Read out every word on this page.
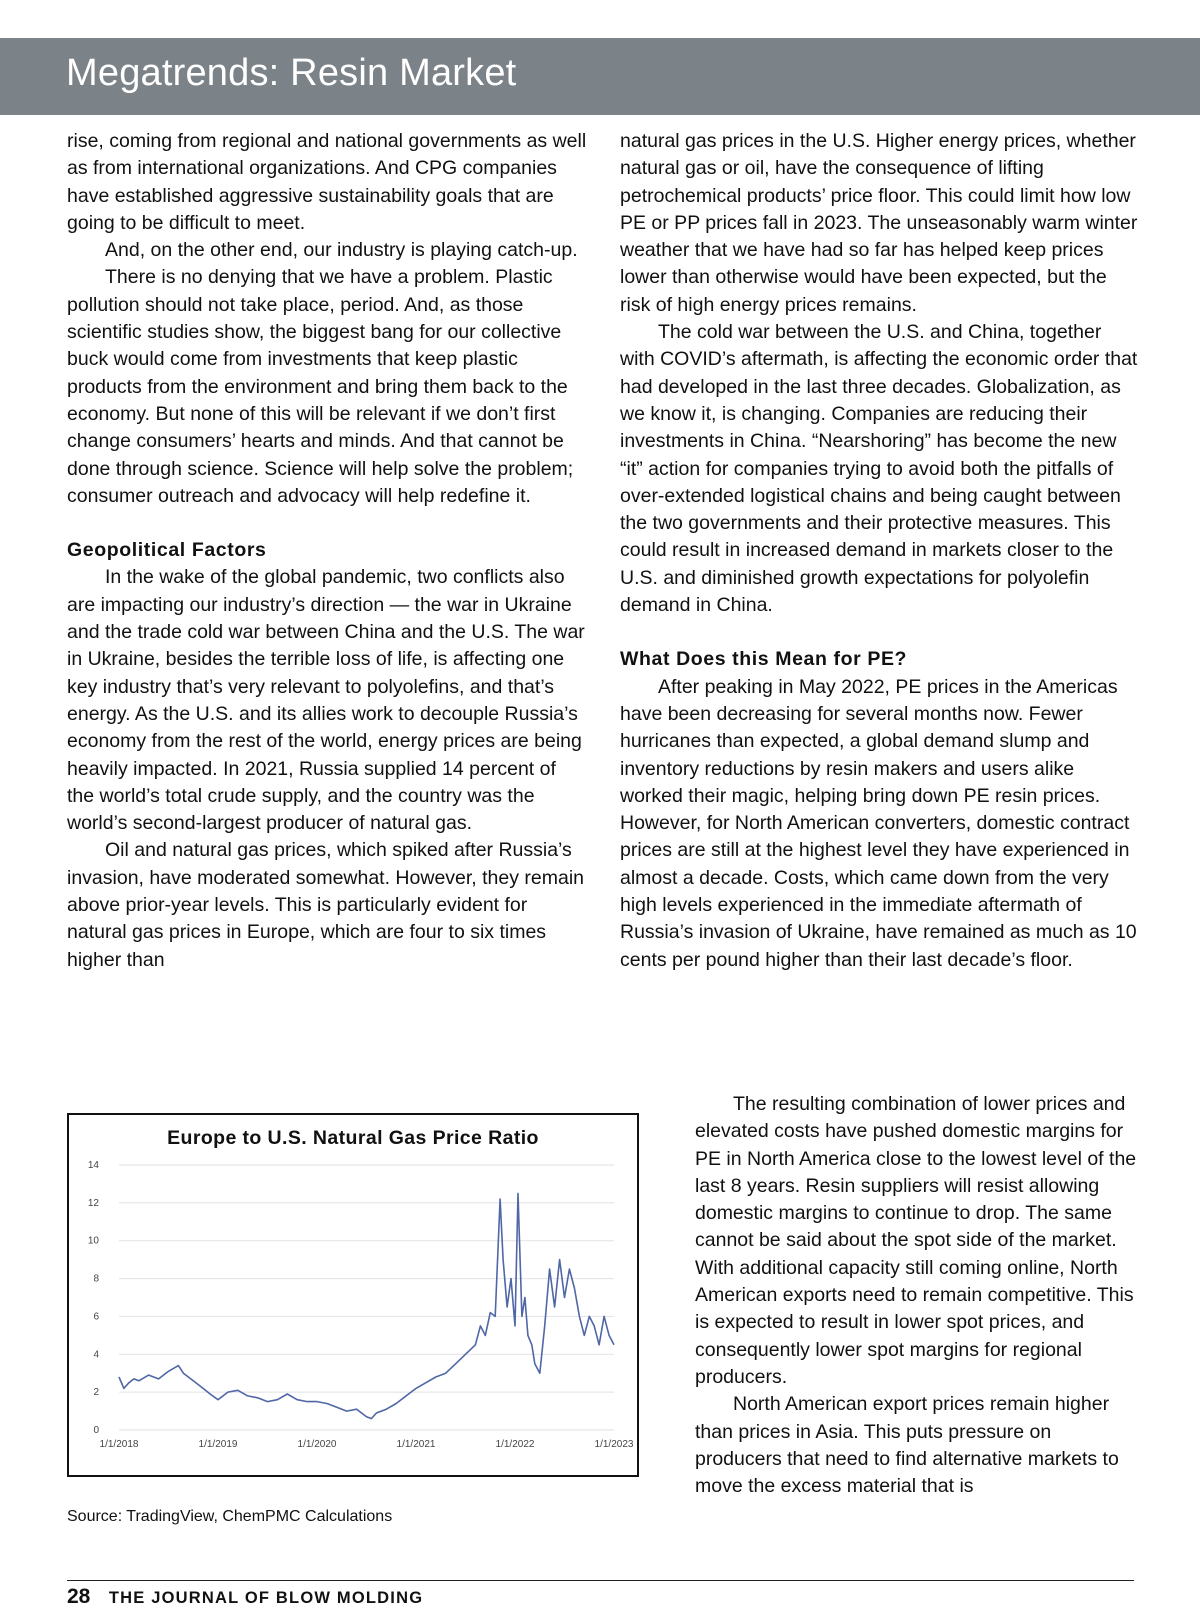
Megatrends: Resin Market

rise, coming from regional and national governments as well as from international organizations. And CPG companies have established aggressive sustainability goals that are going to be difficult to meet.

And, on the other end, our industry is playing catch-up.

There is no denying that we have a problem. Plastic pollution should not take place, period. And, as those scientific studies show, the biggest bang for our collective buck would come from investments that keep plastic products from the environment and bring them back to the economy. But none of this will be relevant if we don’t first change consumers’ hearts and minds. And that cannot be done through science. Science will help solve the problem; consumer outreach and advocacy will help redefine it.

Geopolitical Factors

In the wake of the global pandemic, two conflicts also are impacting our industry’s direction — the war in Ukraine and the trade cold war between China and the U.S. The war in Ukraine, besides the terrible loss of life, is affecting one key industry that’s very relevant to polyolefins, and that’s energy. As the U.S. and its allies work to decouple Russia’s economy from the rest of the world, energy prices are being heavily impacted. In 2021, Russia supplied 14 percent of the world’s total crude supply, and the country was the world’s second-largest producer of natural gas.

Oil and natural gas prices, which spiked after Russia’s invasion, have moderated somewhat. However, they remain above prior-year levels. This is particularly evident for natural gas prices in Europe, which are four to six times higher than

natural gas prices in the U.S. Higher energy prices, whether natural gas or oil, have the consequence of lifting petrochemical products’ price floor. This could limit how low PE or PP prices fall in 2023. The unseasonably warm winter weather that we have had so far has helped keep prices lower than otherwise would have been expected, but the risk of high energy prices remains.

The cold war between the U.S. and China, together with COVID’s aftermath, is affecting the economic order that had developed in the last three decades. Globalization, as we know it, is changing. Companies are reducing their investments in China. “Nearshoring” has become the new “it” action for companies trying to avoid both the pitfalls of over-extended logistical chains and being caught between the two governments and their protective measures. This could result in increased demand in markets closer to the U.S. and diminished growth expectations for polyolefin demand in China.

What Does this Mean for PE?

After peaking in May 2022, PE prices in the Americas have been decreasing for several months now. Fewer hurricanes than expected, a global demand slump and inventory reductions by resin makers and users alike worked their magic, helping bring down PE resin prices. However, for North American converters, domestic contract prices are still at the highest level they have experienced in almost a decade. Costs, which came down from the very high levels experienced in the immediate aftermath of Russia’s invasion of Ukraine, have remained as much as 10 cents per pound higher than their last decade’s floor.

The resulting combination of lower prices and elevated costs have pushed domestic margins for PE in North America close to the lowest level of the last 8 years. Resin suppliers will resist allowing domestic margins to continue to drop. The same cannot be said about the spot side of the market. With additional capacity still coming online, North American exports need to remain competitive. This is expected to result in lower spot prices, and consequently lower spot margins for regional producers.

North American export prices remain higher than prices in Asia. This puts pressure on producers that need to find alternative markets to move the excess material that is

Europe to U.S. Natural Gas Price Ratio
0
2
4
6
8
10
12
14
1/1/2018	1/1/2019	1/1/2020	1/1/2021	1/1/2022	1/1/2023
Source: TradingView, ChemPMC Calculations
28 THE JOURNAL OF BLOW MOLDING
